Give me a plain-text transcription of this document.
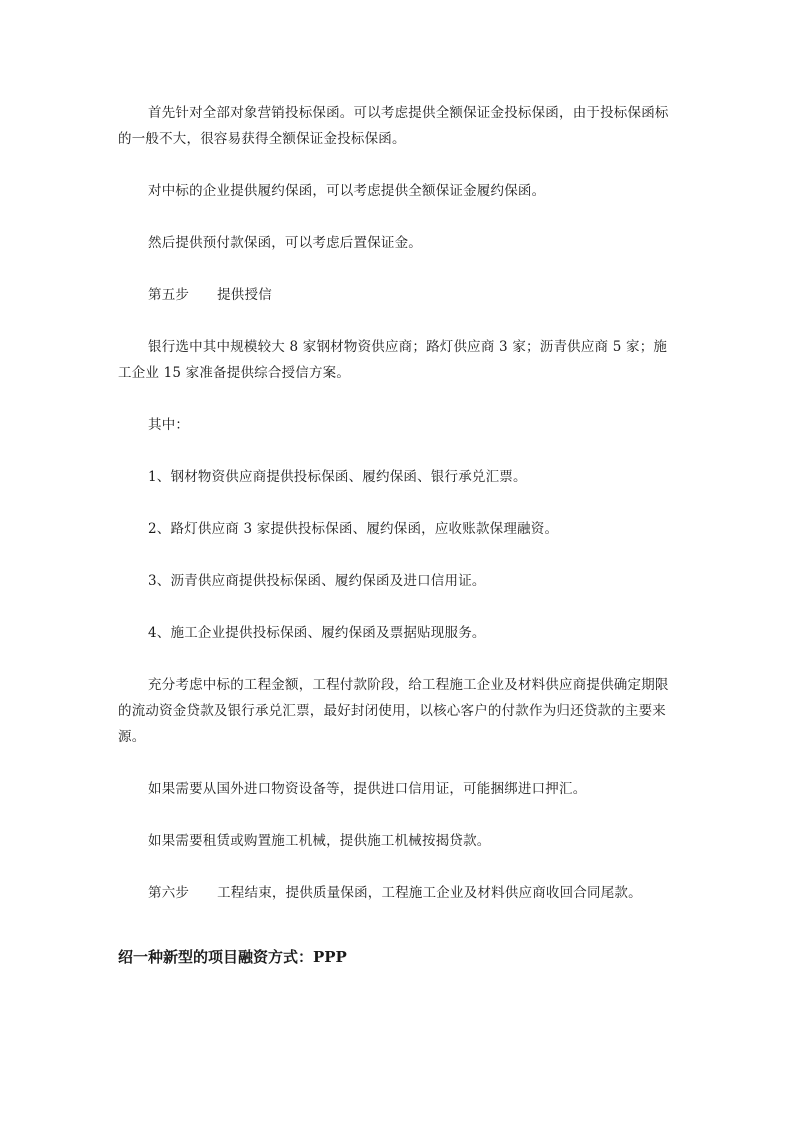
首先针对全部对象营销投标保函。可以考虑提供全额保证金投标保函，由于投标保函标的一般不大，很容易获得全额保证金投标保函。

对中标的企业提供履约保函，可以考虑提供全额保证金履约保函。

然后提供预付款保函，可以考虑后置保证金。

第五步 提供授信

银行选中其中规模较大 8 家钢材物资供应商；路灯供应商 3 家；沥青供应商 5 家；施工企业 15 家准备提供综合授信方案。

其中：

1、钢材物资供应商提供投标保函、履约保函、银行承兑汇票。

2、路灯供应商 3 家提供投标保函、履约保函，应收账款保理融资。

3、沥青供应商提供投标保函、履约保函及进口信用证。

4、施工企业提供投标保函、履约保函及票据贴现服务。

充分考虑中标的工程金额，工程付款阶段，给工程施工企业及材料供应商提供确定期限的流动资金贷款及银行承兑汇票，最好封闭使用，以核心客户的付款作为归还贷款的主要来源。

如果需要从国外进口物资设备等，提供进口信用证，可能捆绑进口押汇。

如果需要租赁或购置施工机械，提供施工机械按揭贷款。

第六步 工程结束，提供质量保函，工程施工企业及材料供应商收回合同尾款。

绍一种新型的项目融资方式：PPP
